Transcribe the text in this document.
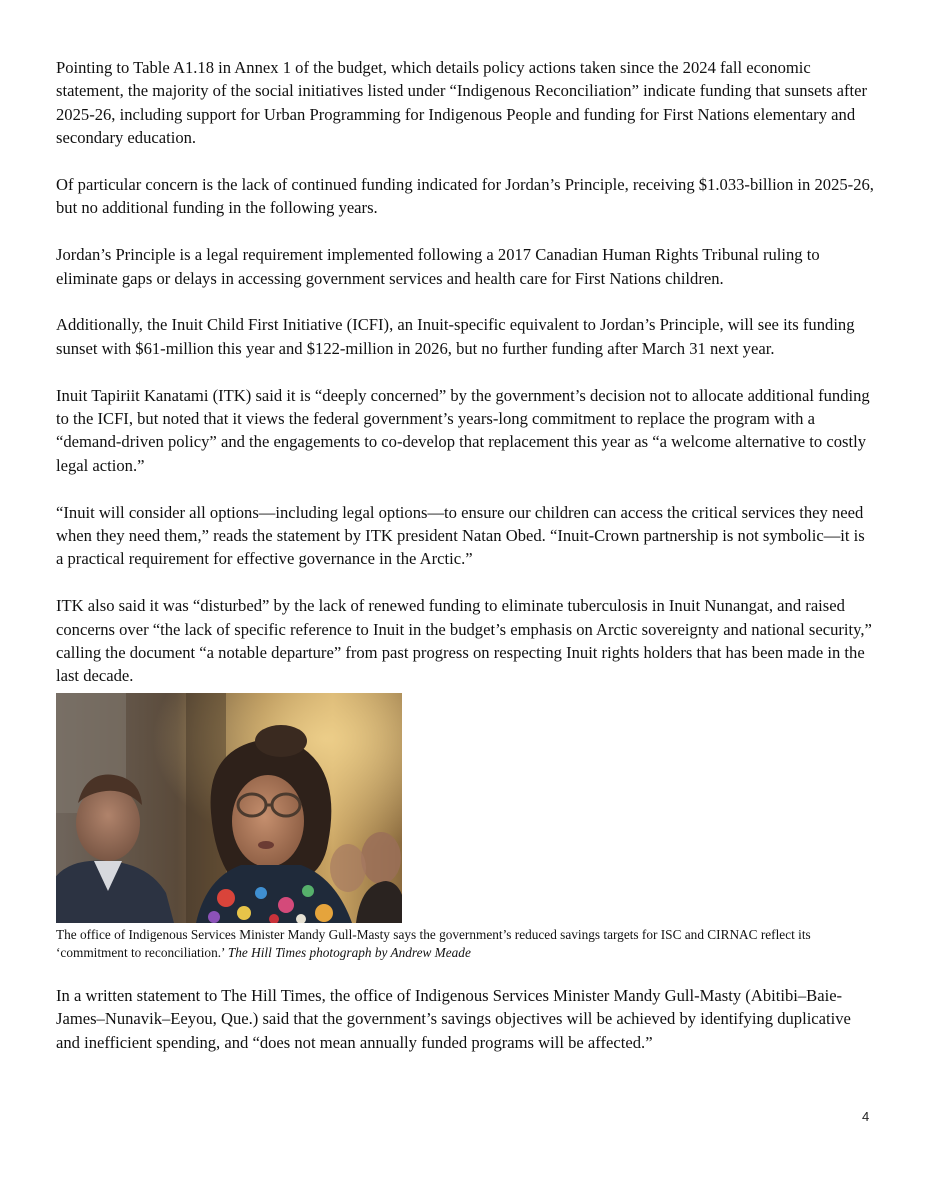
Pointing to Table A1.18 in Annex 1 of the budget, which details policy actions taken since the 2024 fall economic statement, the majority of the social initiatives listed under “Indigenous Reconciliation” indicate funding that sunsets after 2025-26, including support for Urban Programming for Indigenous People and funding for First Nations elementary and secondary education.

Of particular concern is the lack of continued funding indicated for Jordan’s Principle, receiving $1.033-billion in 2025-26, but no additional funding in the following years.

Jordan’s Principle is a legal requirement implemented following a 2017 Canadian Human Rights Tribunal ruling to eliminate gaps or delays in accessing government services and health care for First Nations children.

Additionally, the Inuit Child First Initiative (ICFI), an Inuit-specific equivalent to Jordan’s Principle, will see its funding sunset with $61-million this year and $122-million in 2026, but no further funding after March 31 next year.

Inuit Tapiriit Kanatami (ITK) said it is “deeply concerned” by the government’s decision not to allocate additional funding to the ICFI, but noted that it views the federal government’s years-long commitment to replace the program with a “demand-driven policy” and the engagements to co-develop that replacement this year as “a welcome alternative to costly legal action.”

“Inuit will consider all options—including legal options—to ensure our children can access the critical services they need when they need them,” reads the statement by ITK president Natan Obed. “Inuit-Crown partnership is not symbolic—it is a practical requirement for effective governance in the Arctic.”

ITK also said it was “disturbed” by the lack of renewed funding to eliminate tuberculosis in Inuit Nunangat, and raised concerns over “the lack of specific reference to Inuit in the budget’s emphasis on Arctic sovereignty and national security,” calling the document “a notable departure” from past progress on respecting Inuit rights holders that has been made in the last decade.

The office of Indigenous Services Minister Mandy Gull-Masty says the government’s reduced savings targets for ISC and CIRNAC reflect its ‘commitment to reconciliation.’ The Hill Times photograph by Andrew Meade

In a written statement to The Hill Times, the office of Indigenous Services Minister Mandy Gull-Masty (Abitibi–Baie-James–Nunavik–Eeyou, Que.) said that the government’s savings objectives will be achieved by identifying duplicative and inefficient spending, and “does not mean annually funded programs will be affected.”

4
